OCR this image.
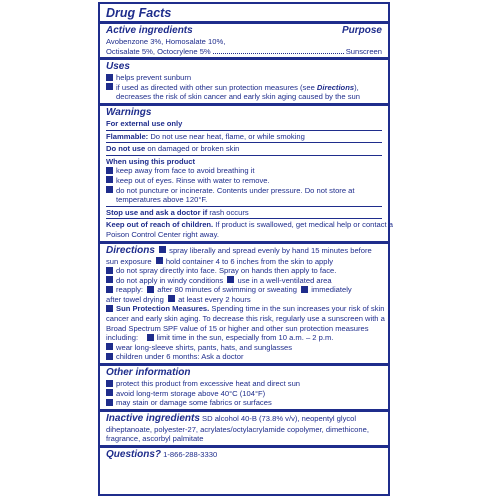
Drug Facts
Active ingredients	Purpose

Avobenzone 3%, Homosalate 10%,

Octisalate 5%, Octocrylene 5%	Sunscreen
Uses

helps prevent sunburn

if used as directed with other sun protection measures (see Directions),

decreases the risk of skin cancer and early skin aging caused by the sun

Warnings

For external use only

Flammable: Do not use near heat, flame, or while smoking

Do not use on damaged or broken skin

When using this product

keep away from face to avoid breathing it

keep out of eyes. Rinse with water to remove.

do not puncture or incinerate. Contents under pressure. Do not store at

temperatures above 120°F.

Stop use and ask a doctor if rash occurs

Keep out of reach of children. If product is swallowed, get medical help or contact a

Poison Control Center right away.

Directions spray liberally and spread evenly by hand 15 minutes before

sun exposure hold container 4 to 6 inches from the skin to apply

do not spray directly into face. Spray on hands then apply to face.

do not apply in windy conditions use in a well-ventilated area

reapply: after 80 minutes of swimming or sweating immediately

after towel drying at least every 2 hours

Sun Protection Measures. Spending time in the sun increases your risk of skin

cancer and early skin aging. To decrease this risk, regularly use a sunscreen with a

Broad Spectrum SPF value of 15 or higher and other sun protection measures

including: limit time in the sun, especially from 10 a.m. – 2 p.m.

wear long-sleeve shirts, pants, hats, and sunglasses

children under 6 months: Ask a doctor

Other information

protect this product from excessive heat and direct sun

avoid long-term storage above 40°C (104°F)

may stain or damage some fabrics or surfaces

Inactive ingredients SD alcohol 40-B (73.8% v/v), neopentyl glycol

diheptanoate, polyester-27, acrylates/octylacrylamide copolymer, dimethicone,

fragrance, ascorbyl palmitate

Questions? 1-866-288-3330
